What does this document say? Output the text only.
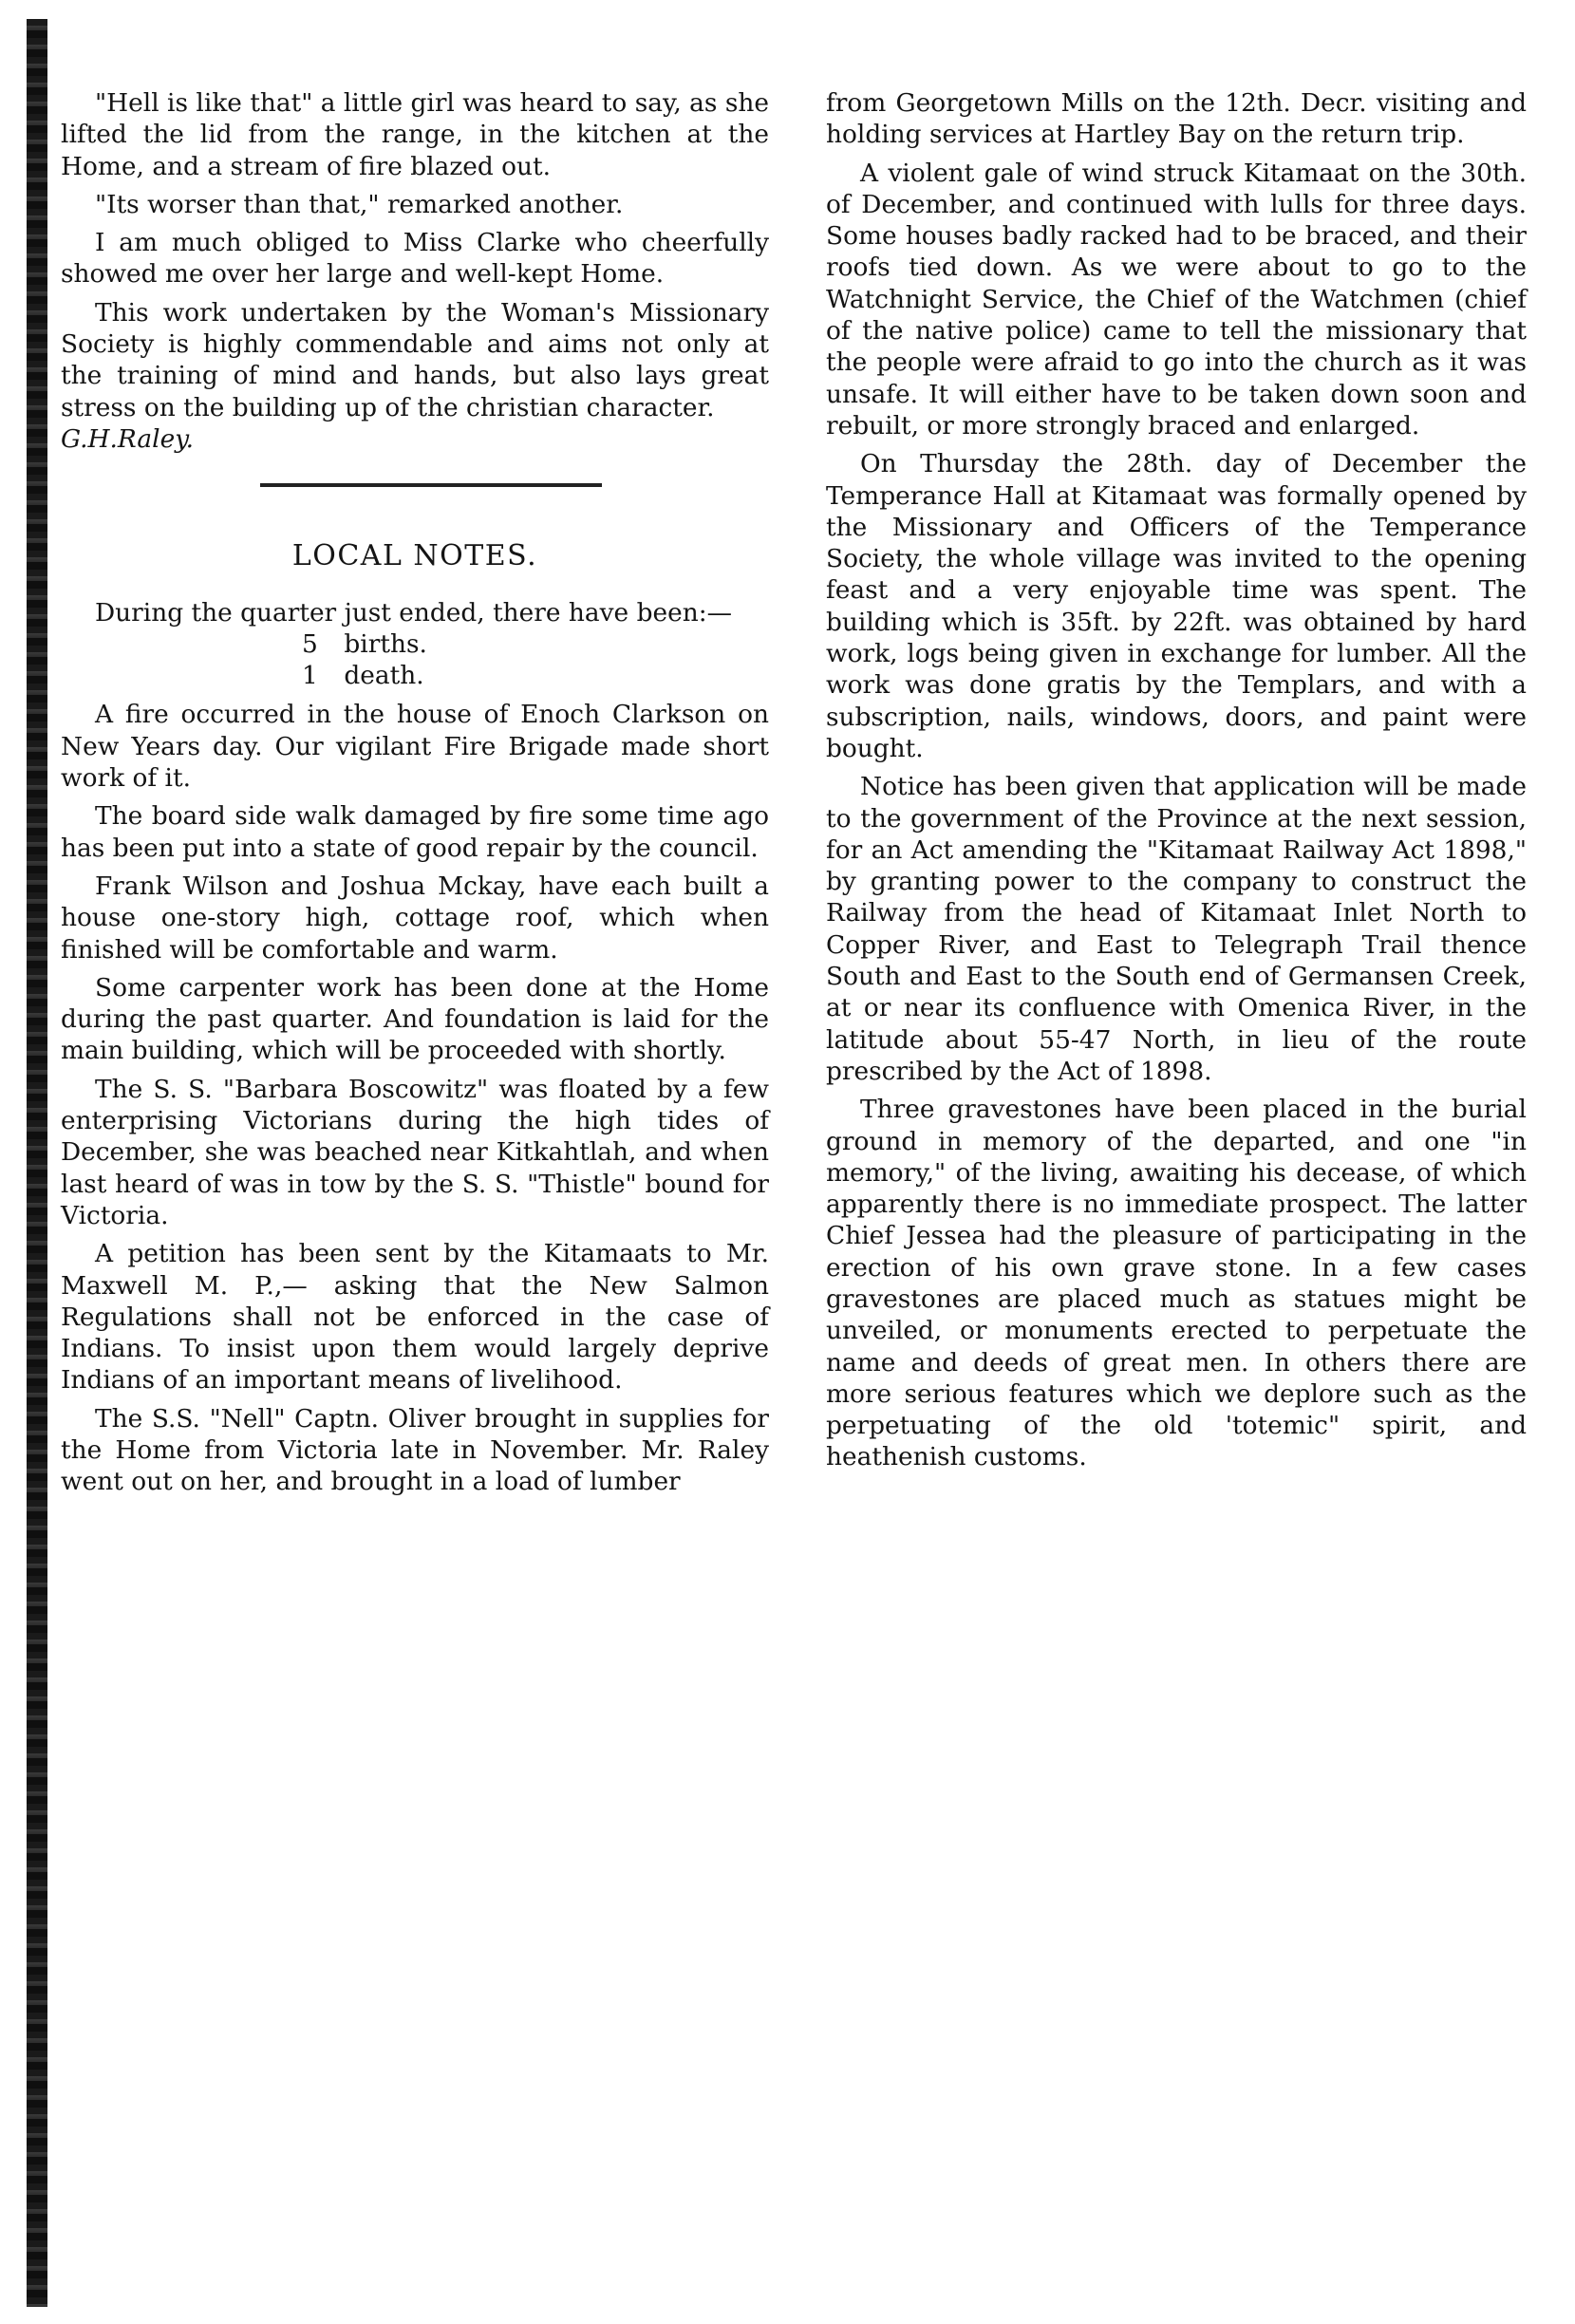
"Hell is like that" a little girl was heard to say, as she lifted the lid from the range, in the kitchen at the Home, and a stream of fire blazed out.

"Its worser than that," remarked another.

I am much obliged to Miss Clarke who cheerfully showed me over her large and well-kept Home.

This work undertaken by the Woman's Missionary Society is highly commendable and aims not only at the training of mind and hands, but also lays great stress on the building up of the christian character.

G.H.Raley.

LOCAL NOTES.

During the quarter just ended, there have been:—

5 births.
1 death.

A fire occurred in the house of Enoch Clarkson on New Years day. Our vigilant Fire Brigade made short work of it.

The board side walk damaged by fire some time ago has been put into a state of good repair by the council.

Frank Wilson and Joshua Mckay, have each built a house one-story high, cottage roof, which when finished will be comfortable and warm.

Some carpenter work has been done at the Home during the past quarter. And foundation is laid for the main building, which will be proceeded with shortly.

The S. S. "Barbara Boscowitz" was floated by a few enterprising Victorians during the high tides of December, she was beached near Kitkahtlah, and when last heard of was in tow by the S. S. "Thistle" bound for Victoria.

A petition has been sent by the Kitamaats to Mr. Maxwell M. P.,— asking that the New Salmon Regulations shall not be enforced in the case of Indians. To insist upon them would largely deprive Indians of an important means of livelihood.

The S.S. "Nell" Captn. Oliver brought in supplies for the Home from Victoria late in November. Mr. Raley went out on her, and brought in a load of lumber

from Georgetown Mills on the 12th. Decr. visiting and holding services at Hartley Bay on the return trip.

A violent gale of wind struck Kitamaat on the 30th. of December, and continued with lulls for three days. Some houses badly racked had to be braced, and their roofs tied down. As we were about to go to the Watchnight Service, the Chief of the Watchmen (chief of the native police) came to tell the missionary that the people were afraid to go into the church as it was unsafe. It will either have to be taken down soon and rebuilt, or more strongly braced and enlarged.

On Thursday the 28th. day of December the Temperance Hall at Kitamaat was formally opened by the Missionary and Officers of the Temperance Society, the whole village was invited to the opening feast and a very enjoyable time was spent. The building which is 35ft. by 22ft. was obtained by hard work, logs being given in exchange for lumber. All the work was done gratis by the Templars, and with a subscription, nails, windows, doors, and paint were bought.

Notice has been given that application will be made to the government of the Province at the next session, for an Act amending the "Kitamaat Railway Act 1898," by granting power to the company to construct the Railway from the head of Kitamaat Inlet North to Copper River, and East to Telegraph Trail thence South and East to the South end of Germansen Creek, at or near its confluence with Omenica River, in the latitude about 55-47 North, in lieu of the route prescribed by the Act of 1898.

Three gravestones have been placed in the burial ground in memory of the departed, and one "in memory," of the living, awaiting his decease, of which apparently there is no immediate prospect. The latter Chief Jessea had the pleasure of participating in the erection of his own grave stone. In a few cases gravestones are placed much as statues might be unveiled, or monuments erected to perpetuate the name and deeds of great men. In others there are more serious features which we deplore such as the perpetuating of the old 'totemic" spirit, and heathenish customs.
